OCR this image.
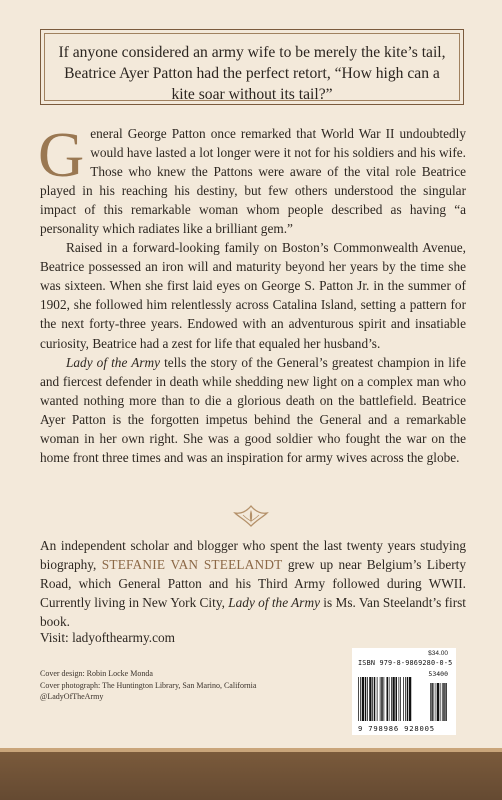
If anyone considered an army wife to be merely the kite’s tail, Beatrice Ayer Patton had the perfect retort, “How high can a kite soar without its tail?”

General George Patton once remarked that World War II undoubtedly would have lasted a lot longer were it not for his soldiers and his wife. Those who knew the Pattons were aware of the vital role Beatrice played in his reaching his destiny, but few others understood the singular impact of this remarkable woman whom people described as having “a personality which radiates like a brilliant gem.”

Raised in a forward-looking family on Boston’s Commonwealth Avenue, Beatrice possessed an iron will and maturity beyond her years by the time she was sixteen. When she first laid eyes on George S. Patton Jr. in the summer of 1902, she followed him relentlessly across Catalina Island, setting a pattern for the next forty-three years. Endowed with an adventurous spirit and insatiable curiosity, Beatrice had a zest for life that equaled her husband’s.

Lady of the Army tells the story of the General’s greatest champion in life and fiercest defender in death while shedding new light on a complex man who wanted nothing more than to die a glorious death on the battlefield. Beatrice Ayer Patton is the forgotten impetus behind the General and a remarkable woman in her own right. She was a good soldier who fought the war on the home front three times and was an inspiration for army wives across the globe.

An independent scholar and blogger who spent the last twenty years studying biography, STEFANIE VAN STEELANDT grew up near Belgium’s Liberty Road, which General Patton and his Third Army followed during WWII. Currently living in New York City, Lady of the Army is Ms. Van Steelandt’s first book.

Visit: ladyofthearmy.com

Cover design: Robin Locke Monda
Cover photograph: The Huntington Library, San Marino, California
@LadyOfTheArmy
$34.00
ISBN 979-8-9869280-0-5
53400
9 798986 928005
